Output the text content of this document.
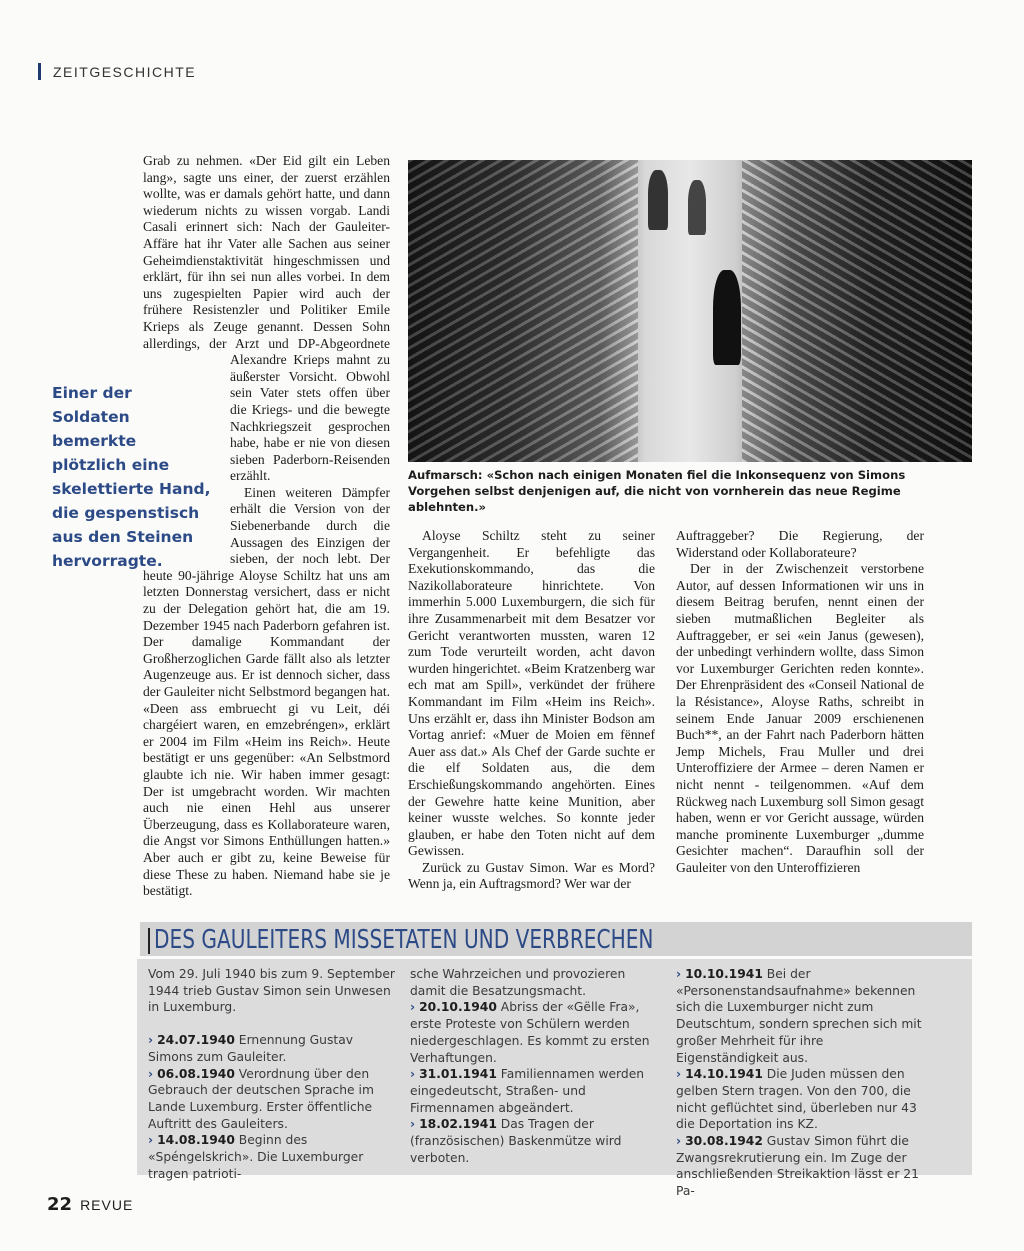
ZEITGESCHICHTE

Grab zu nehmen. «Der Eid gilt ein Leben lang», sagte uns einer, der zuerst erzählen wollte, was er damals gehört hatte, und dann wiederum nichts zu wissen vorgab. Landi Casali erinnert sich: Nach der Gauleiter-Affäre hat ihr Vater alle Sachen aus seiner Geheimdienstaktivität hingeschmissen und erklärt, für ihn sei nun alles vorbei. In dem uns zugespielten Papier wird auch der frühere Resistenzler und Politiker Emile Krieps als Zeuge genannt. Dessen Sohn allerdings, der Arzt und DP-Abgeordnete Alexandre Krieps mahnt zu äußerster Vorsicht. Obwohl sein Vater stets offen über die Kriegs- und die bewegte Nachkriegszeit gesprochen habe, habe er nie von diesen sieben Paderborn-Reisenden erzählt.

Einen weiteren Dämpfer erhält die Version von der Siebenerbande durch die Aussagen des Einzigen der sieben, der noch lebt. Der heute 90-jährige Aloyse Schiltz hat uns am letzten Donnerstag versichert, dass er nicht zu der Delegation gehört hat, die am 19. Dezember 1945 nach Paderborn gefahren ist. Der damalige Kommandant der Großherzoglichen Garde fällt also als letzter Augenzeuge aus. Er ist dennoch sicher, dass der Gauleiter nicht Selbstmord begangen hat. «Deen ass embruecht gi vu Leit, déi chargéiert waren, en emzebréngen», erklärt er 2004 im Film «Heim ins Reich». Heute bestätigt er uns gegenüber: «An Selbstmord glaubte ich nie. Wir haben immer gesagt: Der ist umgebracht worden. Wir machten auch nie einen Hehl aus unserer Überzeugung, dass es Kollaborateure waren, die Angst vor Simons Enthüllungen hatten.» Aber auch er gibt zu, keine Beweise für diese These zu haben. Niemand habe sie je bestätigt.

Einer der Soldaten bemerkte plötzlich eine skelettierte Hand, die gespenstisch aus den Steinen hervorragte.
Aufmarsch: «Schon nach einigen Monaten fiel die Inkonsequenz von Simons Vorgehen selbst denjenigen auf, die nicht von vornherein das neue Regime ablehnten.»

Aloyse Schiltz steht zu seiner Vergangenheit. Er befehligte das Exekutionskommando, das die Nazikollaborateure hinrichtete. Von immerhin 5.000 Luxemburgern, die sich für ihre Zusammenarbeit mit dem Besatzer vor Gericht verantworten mussten, waren 12 zum Tode verurteilt worden, acht davon wurden hingerichtet. «Beim Kratzenberg war ech mat am Spill», verkündet der frühere Kommandant im Film «Heim ins Reich». Uns erzählt er, dass ihn Minister Bodson am Vortag anrief: «Muer de Moien em fënnef Auer ass dat.» Als Chef der Garde suchte er die elf Soldaten aus, die dem Erschießungskommando angehörten. Eines der Gewehre hatte keine Munition, aber keiner wusste welches. So konnte jeder glauben, er habe den Toten nicht auf dem Gewissen.

Zurück zu Gustav Simon. War es Mord? Wenn ja, ein Auftragsmord? Wer war der

Auftraggeber? Die Regierung, der Widerstand oder Kollaborateure?

Der in der Zwischenzeit verstorbene Autor, auf dessen Informationen wir uns in diesem Beitrag berufen, nennt einen der sieben mutmaßlichen Begleiter als Auftraggeber, er sei «ein Janus (gewesen), der unbedingt verhindern wollte, dass Simon vor Luxemburger Gerichten reden konnte». Der Ehrenpräsident des «Conseil National de la Résistance», Aloyse Raths, schreibt in seinem Ende Januar 2009 erschienenen Buch**, an der Fahrt nach Paderborn hätten Jemp Michels, Frau Muller und drei Unteroffiziere der Armee – deren Namen er nicht nennt - teilgenommen. «Auf dem Rückweg nach Luxemburg soll Simon gesagt haben, wenn er vor Gericht aussage, würden manche prominente Luxemburger „dumme Gesichter machen“. Daraufhin soll der Gauleiter von den Unteroffizieren

DES GAULEITERS MISSETATEN UND VERBRECHEN

Vom 29. Juli 1940 bis zum 9. September 1944 trieb Gustav Simon sein Unwesen in Luxemburg.

› 24.07.1940 Ernennung Gustav Simons zum Gauleiter.

› 06.08.1940 Verordnung über den Gebrauch der deutschen Sprache im Lande Luxemburg. Erster öffentliche Auftritt des Gauleiters.

› 14.08.1940 Beginn des «Spéngelskrich». Die Luxemburger tragen patrioti-

sche Wahrzeichen und provozieren damit die Besatzungsmacht.

› 20.10.1940 Abriss der «Gëlle Fra», erste Proteste von Schülern werden niedergeschlagen. Es kommt zu ersten Verhaftungen.

› 31.01.1941 Familiennamen werden eingedeutscht, Straßen- und Firmennamen abgeändert.

› 18.02.1941 Das Tragen der (französischen) Baskenmütze wird verboten.

› 10.10.1941 Bei der «Personenstandsaufnahme» bekennen sich die Luxemburger nicht zum Deutschtum, sondern sprechen sich mit großer Mehrheit für ihre Eigenständigkeit aus.

› 14.10.1941 Die Juden müssen den gelben Stern tragen. Von den 700, die nicht geflüchtet sind, überleben nur 43 die Deportation ins KZ.

› 30.08.1942 Gustav Simon führt die Zwangsrekrutierung ein. Im Zuge der anschließenden Streikaktion lässt er 21 Pa-

22 REVUE
